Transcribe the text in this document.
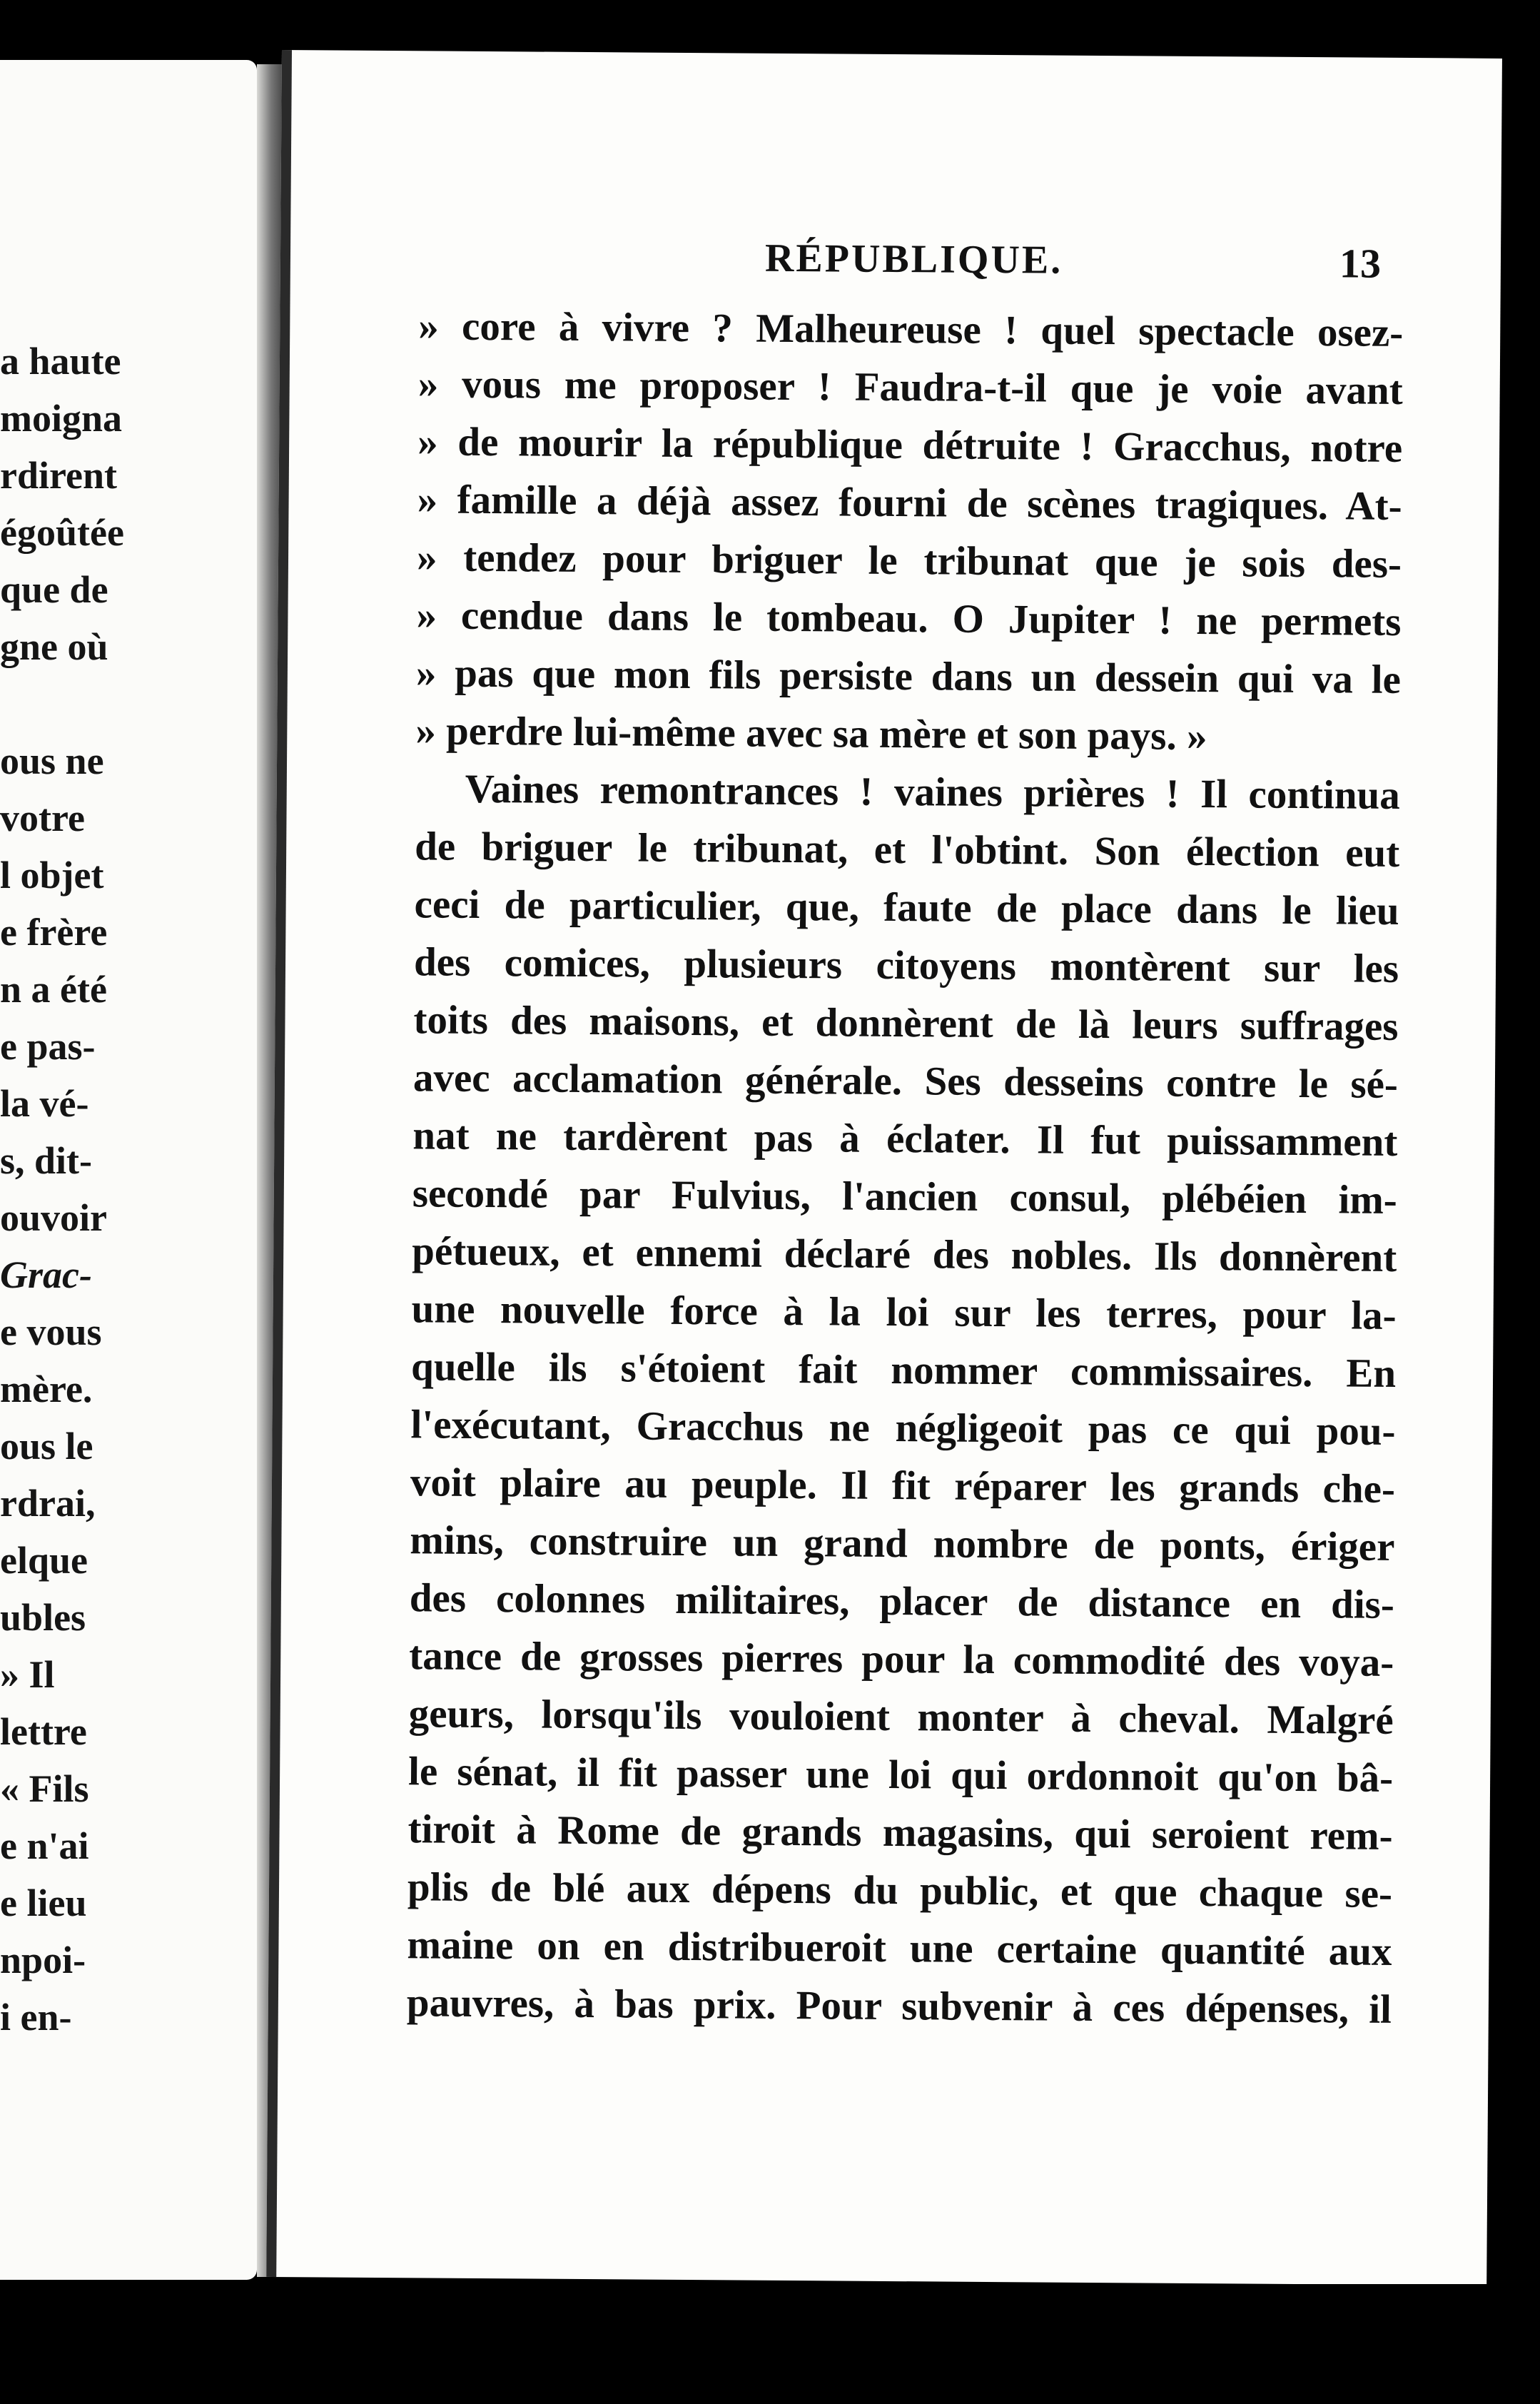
a haute
moigna
rdirent
égoûtée
que de
gne où
ous ne
votre
l objet
e frère
n a été
e pas-
la vé-
s, dit-
ouvoir
Grac-
e vous
mère.
ous le
rdrai,
elque
ubles
» Il
lettre
« Fils
e n'ai
e lieu
npoi-
i en-
RÉPUBLIQUE.	13
» core à vivre ? Malheureuse ! quel spectacle osez-
» vous me proposer ! Faudra-t-il que je voie avant
» de mourir la république détruite ! Gracchus, notre
» famille a déjà assez fourni de scènes tragiques. At-
» tendez pour briguer le tribunat que je sois des-
» cendue dans le tombeau. O Jupiter ! ne permets
» pas que mon fils persiste dans un dessein qui va le
» perdre lui-même avec sa mère et son pays. »
Vaines remontrances ! vaines prières ! Il continua
de briguer le tribunat, et l'obtint. Son élection eut
ceci de particulier, que, faute de place dans le lieu
des comices, plusieurs citoyens montèrent sur les
toits des maisons, et donnèrent de là leurs suffrages
avec acclamation générale. Ses desseins contre le sé-
nat ne tardèrent pas à éclater. Il fut puissamment
secondé par Fulvius, l'ancien consul, plébéien im-
pétueux, et ennemi déclaré des nobles. Ils donnèrent
une nouvelle force à la loi sur les terres, pour la-
quelle ils s'étoient fait nommer commissaires. En
l'exécutant, Gracchus ne négligeoit pas ce qui pou-
voit plaire au peuple. Il fit réparer les grands che-
mins, construire un grand nombre de ponts, ériger
des colonnes militaires, placer de distance en dis-
tance de grosses pierres pour la commodité des voya-
geurs, lorsqu'ils vouloient monter à cheval. Malgré
le sénat, il fit passer une loi qui ordonnoit qu'on bâ-
tiroit à Rome de grands magasins, qui seroient rem-
plis de blé aux dépens du public, et que chaque se-
maine on en distribueroit une certaine quantité aux
pauvres, à bas prix. Pour subvenir à ces dépenses, il
